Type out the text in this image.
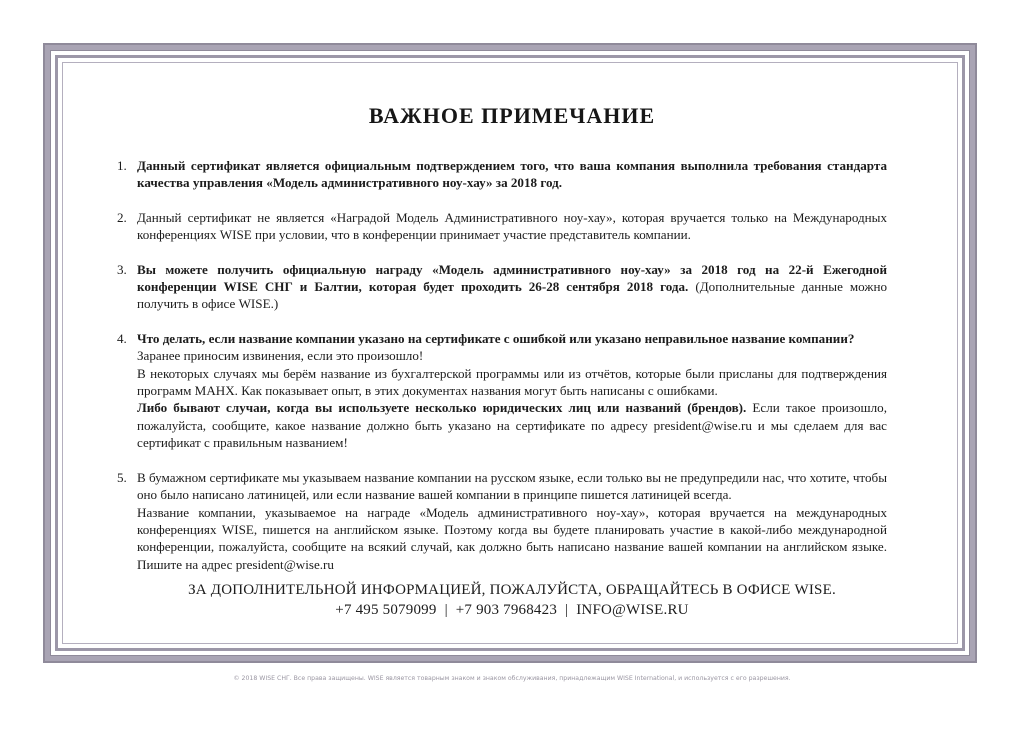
ВАЖНОЕ ПРИМЕЧАНИЕ
1. Данный сертификат является официальным подтверждением того, что ваша компания выполнила требования стандарта качества управления «Модель административного ноу-хау» за 2018 год.

2. Данный сертификат не является «Наградой Модель Административного ноу-хау», которая вручается только на Международных конференциях WISE при условии, что в конференции принимает участие представитель компании.

3. Вы можете получить официальную награду «Модель административного ноу-хау» за 2018 год на 22-й Ежегодной конференции WISE СНГ и Балтии, которая будет проходить 26-28 сентября 2018 года. (Дополнительные данные можно получить в офисе WISE.)

4. Что делать, если название компании указано на сертификате с ошибкой или указано неправильное название компании?

Заранее приносим извинения, если это произошло!

В некоторых случаях мы берём название из бухгалтерской программы или из отчётов, которые были присланы для подтверждения программ МАНХ. Как показывает опыт, в этих документах названия могут быть написаны с ошибками.

Либо бывают случаи, когда вы используете несколько юридических лиц или названий (брендов). Если такое произошло, пожалуйста, сообщите, какое название должно быть указано на сертификате по адресу president@wise.ru и мы сделаем для вас сертификат с правильным названием!

5. В бумажном сертификате мы указываем название компании на русском языке, если только вы не предупредили нас, что хотите, чтобы оно было написано латиницей, или если название вашей компании в принципе пишется латиницей всегда.

Название компании, указываемое на награде «Модель административного ноу-хау», которая вручается на международных конференциях WISE, пишется на английском языке. Поэтому когда вы будете планировать участие в какой-либо международной конференции, пожалуйста, сообщите на всякий случай, как должно быть написано название вашей компании на английском языке. Пишите на адрес president@wise.ru

ЗА ДОПОЛНИТЕЛЬНОЙ ИНФОРМАЦИЕЙ, ПОЖАЛУЙСТА, ОБРАЩАЙТЕСЬ В ОФИСЕ WISE.
+7 495 5079099 | +7 903 7968423 | INFO@WISE.RU
© 2018 WISE СНГ. Все права защищены. WISE является товарным знаком и знаком обслуживания, принадлежащим WISE International, и используется с его разрешения.
